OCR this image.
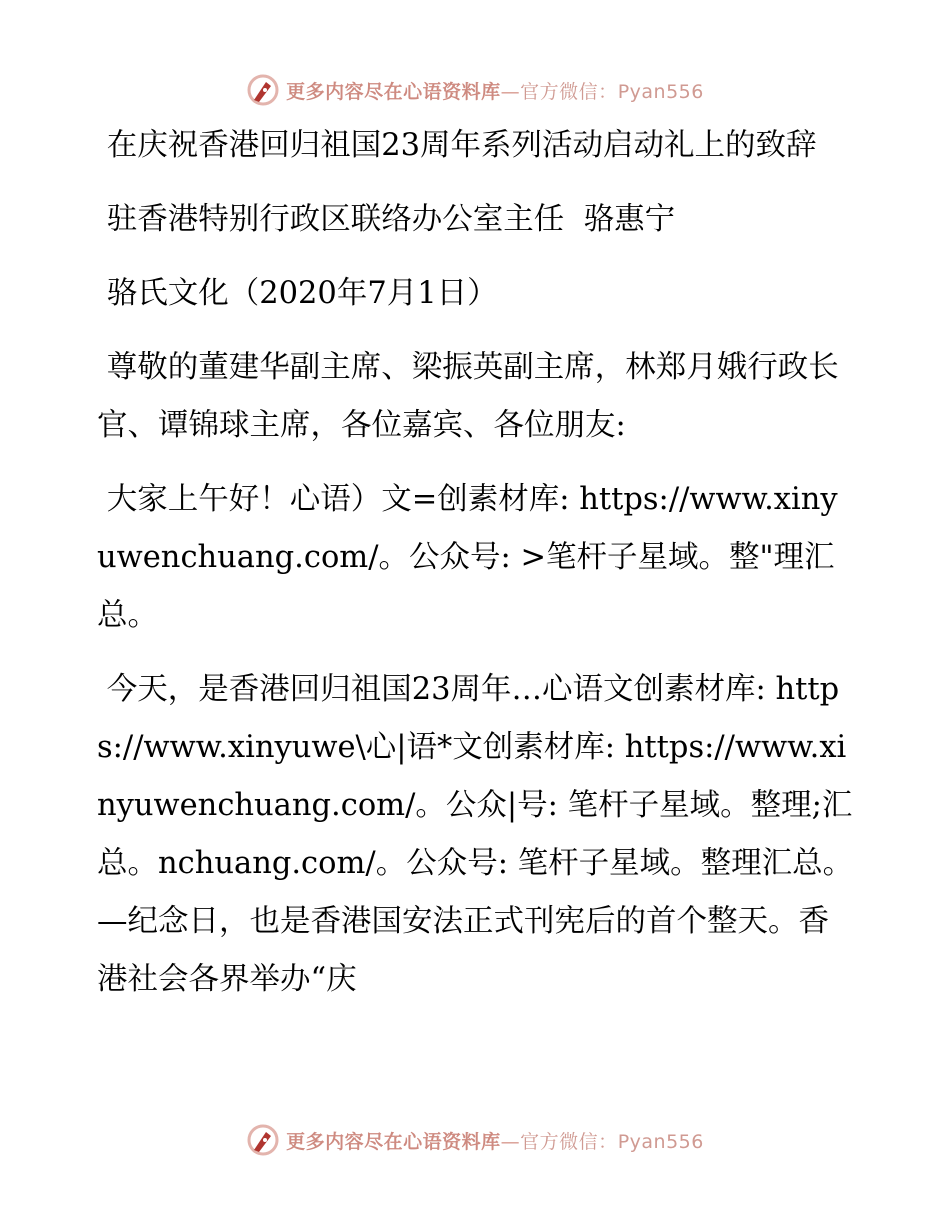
更多内容尽在心语资料库—官方微信：Pyan556

在庆祝香港回归祖国23周年系列活动启动礼上的致辞

驻香港特别行政区联络办公室主任  骆惠宁

骆氏文化（2020年7月1日）

尊敬的董建华副主席、梁振英副主席，林郑月娥行政长官、谭锦球主席，各位嘉宾、各位朋友:

大家上午好！心语）文=创素材库: https://www.xinyuwenchuang.com/。公众号: >笔杆子星域。整"理汇总。

今天，是香港回归祖国23周年…心语文创素材库: https://www.xinyuwe\心|语*文创素材库: https://www.xinyuwenchuang.com/。公众|号: 笔杆子星域。整理;汇总。nchuang.com/。公众号: 笔杆子星域。整理汇总。—纪念日，也是香港国安法正式刊宪后的首个整天。香港社会各界举办“庆

更多内容尽在心语资料库—官方微信：Pyan556
